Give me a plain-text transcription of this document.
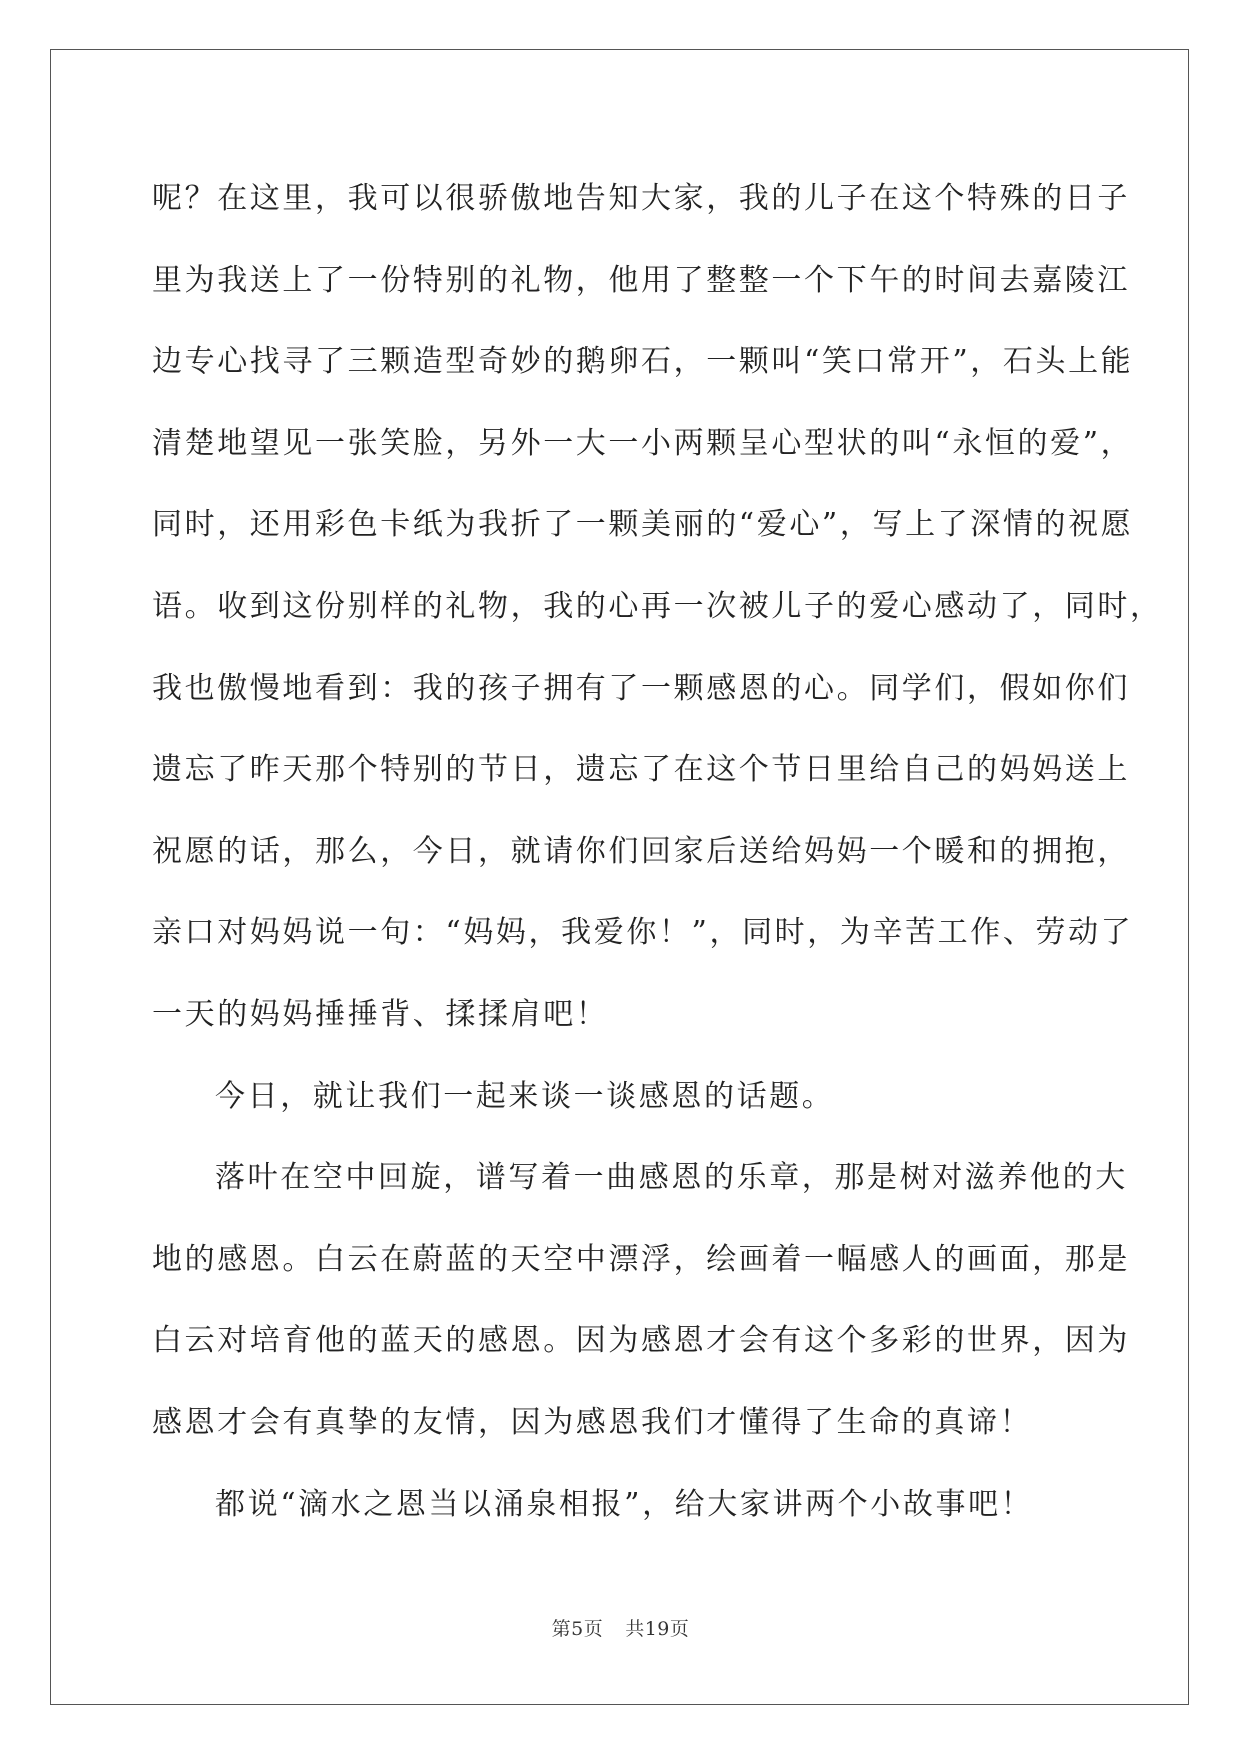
呢？在这里，我可以很骄傲地告知大家，我的儿子在这个特殊的日子

里为我送上了一份特别的礼物，他用了整整一个下午的时间去嘉陵江

边专心找寻了三颗造型奇妙的鹅卵石，一颗叫“笑口常开”，石头上能

清楚地望见一张笑脸，另外一大一小两颗呈心型状的叫“永恒的爱”，

同时，还用彩色卡纸为我折了一颗美丽的“爱心”，写上了深情的祝愿

语。收到这份别样的礼物，我的心再一次被儿子的爱心感动了，同时，

我也傲慢地看到：我的孩子拥有了一颗感恩的心。同学们，假如你们

遗忘了昨天那个特别的节日，遗忘了在这个节日里给自己的妈妈送上

祝愿的话，那么，今日，就请你们回家后送给妈妈一个暖和的拥抱，

亲口对妈妈说一句：“妈妈，我爱你！”，同时，为辛苦工作、劳动了

一天的妈妈捶捶背、揉揉肩吧！

今日，就让我们一起来谈一谈感恩的话题。

落叶在空中回旋，谱写着一曲感恩的乐章，那是树对滋养他的大

地的感恩。白云在蔚蓝的天空中漂浮，绘画着一幅感人的画面，那是

白云对培育他的蓝天的感恩。因为感恩才会有这个多彩的世界，因为

感恩才会有真挚的友情，因为感恩我们才懂得了生命的真谛！

都说“滴水之恩当以涌泉相报”，给大家讲两个小故事吧！

第5页 共19页
